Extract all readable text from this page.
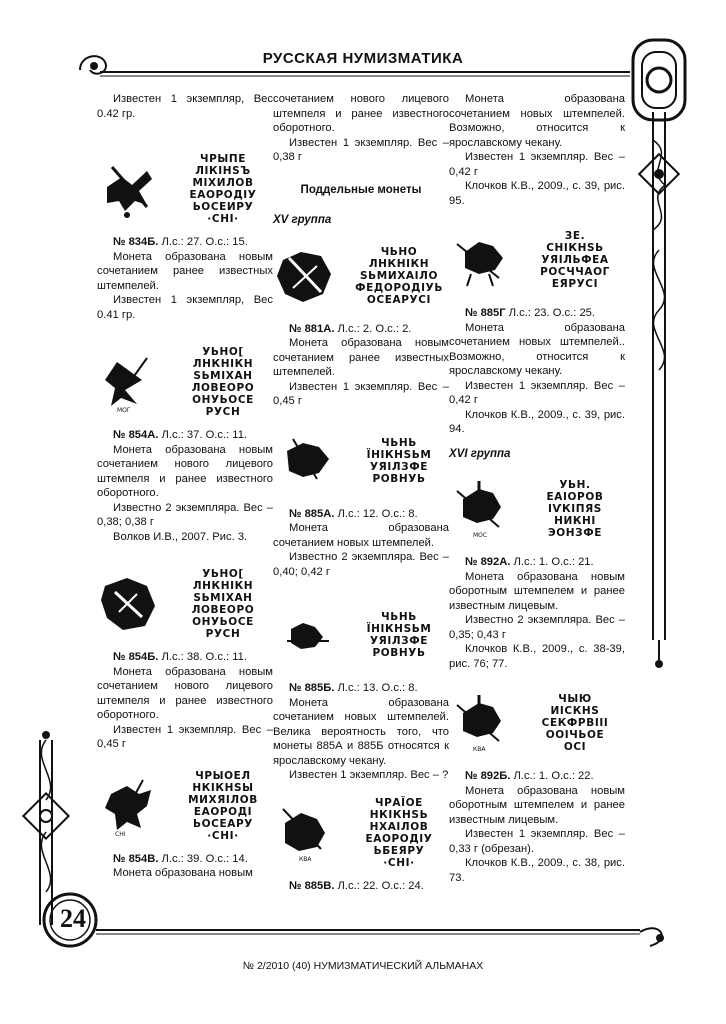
РУССКАЯ НУМИЗМАТИКА
24

Известен 1 экземпляр, Вес 0.42 гр.

ЧРЫПЕ
ЛІКІНЅЪ
МІХИЛОВ
ЕАОРОДІУ
ЬОСЕИРУ
·СНІ·

№ 834Б. Л.с.: 27. О.с.: 15.

Монета образована новым сочетанием ранее известных штемпелей.

Известен 1 экземпляр, Вес 0.41 гр.

МОГ
УЬНО[
ЛНКНІКН
ЅЬМІХАН
ЛОВЕОРО
ОНУЬОСЕ
РУСН

№ 854А. Л.с.: 37. О.с.: 11.

Монета образована новым сочетанием нового лицевого штемпеля и ранее известного оборотного.

Известно 2 экземпляра. Вес – 0,38; 0,38 г

Волков И.В., 2007. Рис. 3.

УЬНО[
ЛНКНІКН
ЅЬМІХАН
ЛОВЕОРО
ОНУЬОСЕ
РУСН

№ 854Б. Л.с.: 38. О.с.: 11.

Монета образована новым сочетанием нового лицевого штемпеля и ранее известного оборотного.

Известен 1 экземпляр. Вес – 0,45 г

СНІ
ЧРЫОЕЛ
НКІКНЅЫ
МИХЯІЛОВ
ЕАОРОДІ
ЬОСЕАРУ
·СНІ·

№ 854В. Л.с.: 39. О.с.: 14.

Монета образована новым

сочетанием нового лицевого штемпеля и ранее известного оборотного.

Известен 1 экземпляр. Вес – 0,38 г

Поддельные монеты
XV группа
ЧЬНО
ЛНКНІКН
ЅЬМИХАІЛО
ФЕДОРОДІУЬ
ОСЕАРУСІ

№ 881А. Л.с.: 2. О.с.: 2.

Монета образована новым сочетанием ранее известных штемпелей.

Известен 1 экземпляр. Вес – 0,45 г

ЧЬНЬ
ЇНІКНЅЬМ
УЯІЛЗФЕ
РОВНУЬ

№ 885А. Л.с.: 12. О.с.: 8.

Монета образована сочетанием новых штемпелей.

Известно 2 экземпляра. Вес – 0,40; 0,42 г

ЧЬНЬ
ЇНІКНЅЬМ
УЯІЛЗФЕ
РОВНУЬ

№ 885Б. Л.с.: 13. О.с.: 8.

Монета образована сочетанием новых штемпелей. Велика вероятность того, что монеты 885А и 885Б относятся к ярославскому чекану.

Известен 1 экземпляр. Вес – ?

КВА
ЧРАЇОЕ
НКІКНЅЬ
НХАІЛОВ
ЕАОРОДІУ
ЬБЕЯРУ
·СНІ·

№ 885В. Л.с.: 22. О.с.: 24.

Монета образована сочетанием новых штемпелей. Возможно, относится к ярославскому чекану.

Известен 1 экземпляр. Вес – 0,42 г

Клочков К.В., 2009., с. 39, рис. 95.

ЗЕ.
СНІКНЅЬ
УЯІЛЬФЕА
РОСЧЧАОГ
ЕЯРУСІ

№ 885Г Л.с.: 23. О.с.: 25.

Монета образована сочетанием новых штемпелей.. Возможно, относится к ярославскому чекану.

Известен 1 экземпляр. Вес – 0,42 г

Клочков К.В., 2009., с. 39, рис. 94.

XVI группа
МОС
УЬН.
ЕАІОРОВ
ІѴКІПЯЅ
НИКНІ
ЭОНЗФЕ

№ 892А. Л.с.: 1. О.с.: 21.

Монета образована новым оборотным штемпелем и ранее известным лицевым.

Известно 2 экземпляра. Вес – 0,35; 0,43 г

Клочков К.В., 2009., с. 38-39, рис. 76; 77.

КВА
ЧЫЮ
ИІСКНЅ
СЕКФРВІІІ
ООІЧЬОЕ
ОСІ

№ 892Б. Л.с.: 1. О.с.: 22.

Монета образована новым оборотным штемпелем и ранее известным лицевым.

Известен 1 экземпляр. Вес – 0,33 г (обрезан).

Клочков К.В., 2009., с. 38, рис. 73.

№ 2/2010 (40) НУМИЗМАТИЧЕСКИЙ АЛЬМАНАХ
